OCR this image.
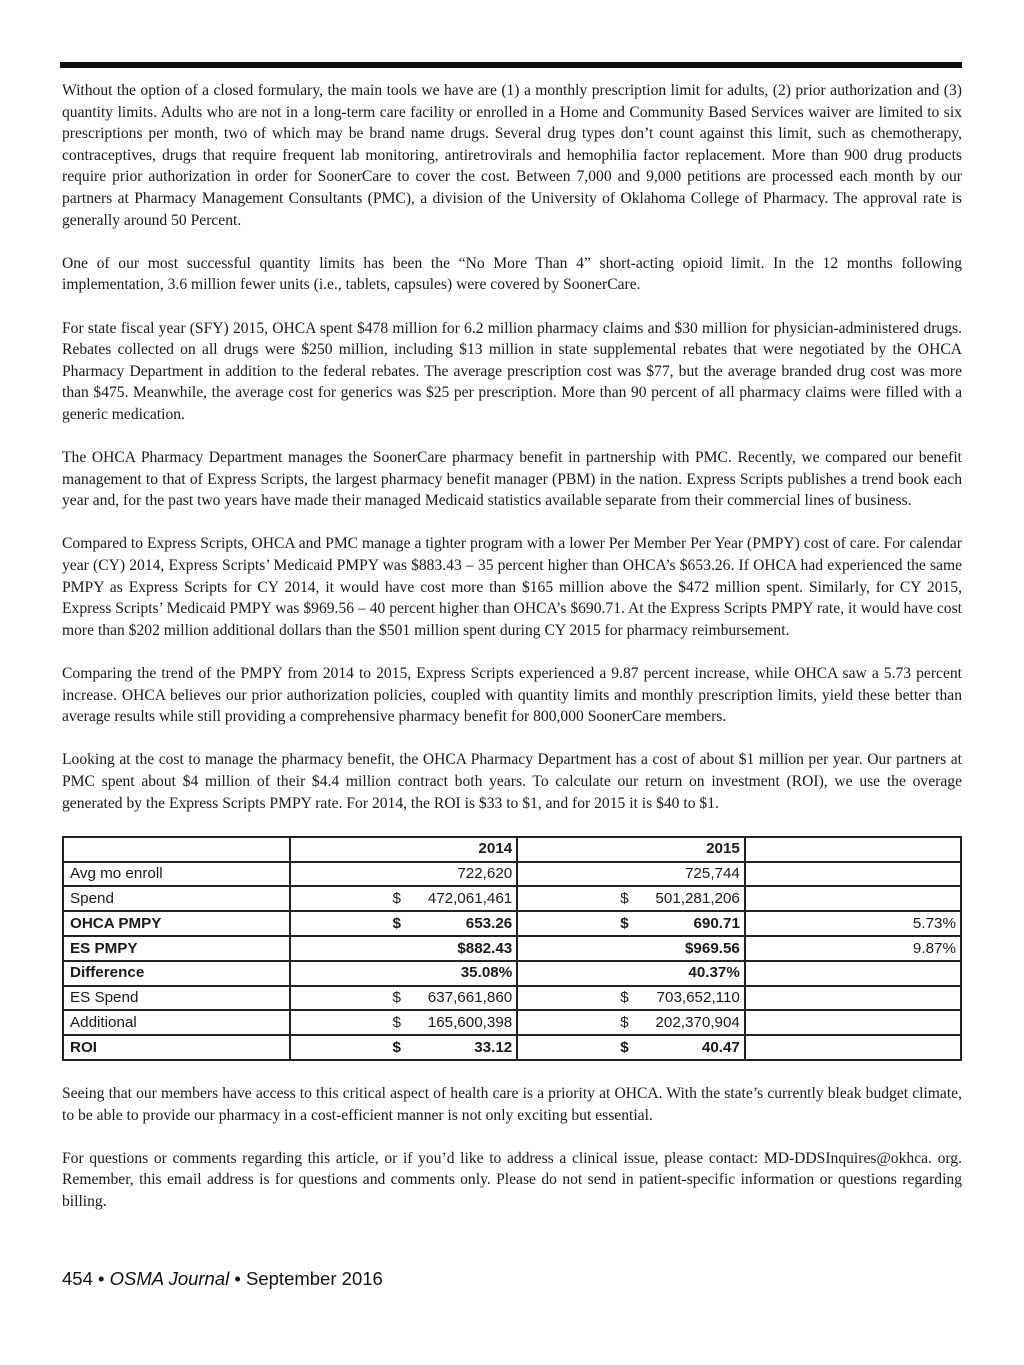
Without the option of a closed formulary, the main tools we have are (1) a monthly prescription limit for adults, (2) prior authorization and (3) quantity limits. Adults who are not in a long-term care facility or enrolled in a Home and Community Based Services waiver are limited to six prescriptions per month, two of which may be brand name drugs. Several drug types don’t count against this limit, such as chemotherapy, contraceptives, drugs that require frequent lab monitoring, antiretrovirals and hemophilia factor replacement. More than 900 drug products require prior authorization in order for SoonerCare to cover the cost. Between 7,000 and 9,000 petitions are processed each month by our partners at Pharmacy Management Consultants (PMC), a division of the University of Oklahoma College of Pharmacy. The approval rate is generally around 50 Percent.

One of our most successful quantity limits has been the “No More Than 4” short-acting opioid limit. In the 12 months following implementation, 3.6 million fewer units (i.e., tablets, capsules) were covered by SoonerCare.

For state fiscal year (SFY) 2015, OHCA spent $478 million for 6.2 million pharmacy claims and $30 million for physician-administered drugs. Rebates collected on all drugs were $250 million, including $13 million in state supplemental rebates that were negotiated by the OHCA Pharmacy Department in addition to the federal rebates. The average prescription cost was $77, but the average branded drug cost was more than $475. Meanwhile, the average cost for generics was $25 per prescription. More than 90 percent of all pharmacy claims were filled with a generic medication.

The OHCA Pharmacy Department manages the SoonerCare pharmacy benefit in partnership with PMC. Recently, we compared our benefit management to that of Express Scripts, the largest pharmacy benefit manager (PBM) in the nation. Express Scripts publishes a trend book each year and, for the past two years have made their managed Medicaid statistics available separate from their commercial lines of business.

Compared to Express Scripts, OHCA and PMC manage a tighter program with a lower Per Member Per Year (PMPY) cost of care. For calendar year (CY) 2014, Express Scripts’ Medicaid PMPY was $883.43 – 35 percent higher than OHCA’s $653.26. If OHCA had experienced the same PMPY as Express Scripts for CY 2014, it would have cost more than $165 million above the $472 million spent. Similarly, for CY 2015, Express Scripts’ Medicaid PMPY was $969.56 – 40 percent higher than OHCA’s $690.71. At the Express Scripts PMPY rate, it would have cost more than $202 million additional dollars than the $501 million spent during CY 2015 for pharmacy reimbursement.

Comparing the trend of the PMPY from 2014 to 2015, Express Scripts experienced a 9.87 percent increase, while OHCA saw a 5.73 percent increase. OHCA believes our prior authorization policies, coupled with quantity limits and monthly prescription limits, yield these better than average results while still providing a comprehensive pharmacy benefit for 800,000 SoonerCare members.

Looking at the cost to manage the pharmacy benefit, the OHCA Pharmacy Department has a cost of about $1 million per year. Our partners at PMC spent about $4 million of their $4.4 million contract both years. To calculate our return on investment (ROI), we use the overage generated by the Express Scripts PMPY rate. For 2014, the ROI is $33 to $1, and for 2015 it is $40 to $1.

	2014	2015	
Avg mo enroll	722,620	725,744	

Spend	$ 472,061,461	$ 501,281,206	

OHCA PMPY	$ 653.26	$ 690.71	5.73%
ES PMPY	$882.43	$969.56	9.87%
Difference	35.08%	40.37%	

ES Spend	$ 637,661,860	$ 703,652,110	

Additional	$ 165,600,398	$ 202,370,904	

ROI	$ 33.12	$ 40.47	

Seeing that our members have access to this critical aspect of health care is a priority at OHCA. With the state’s currently bleak budget climate, to be able to provide our pharmacy in a cost-efficient manner is not only exciting but essential.

For questions or comments regarding this article, or if you’d like to address a clinical issue, please contact: MD-DDSInquires@okhca. org. Remember, this email address is for questions and comments only. Please do not send in patient-specific information or questions regarding billing.

454 • OSMA Journal • September 2016
